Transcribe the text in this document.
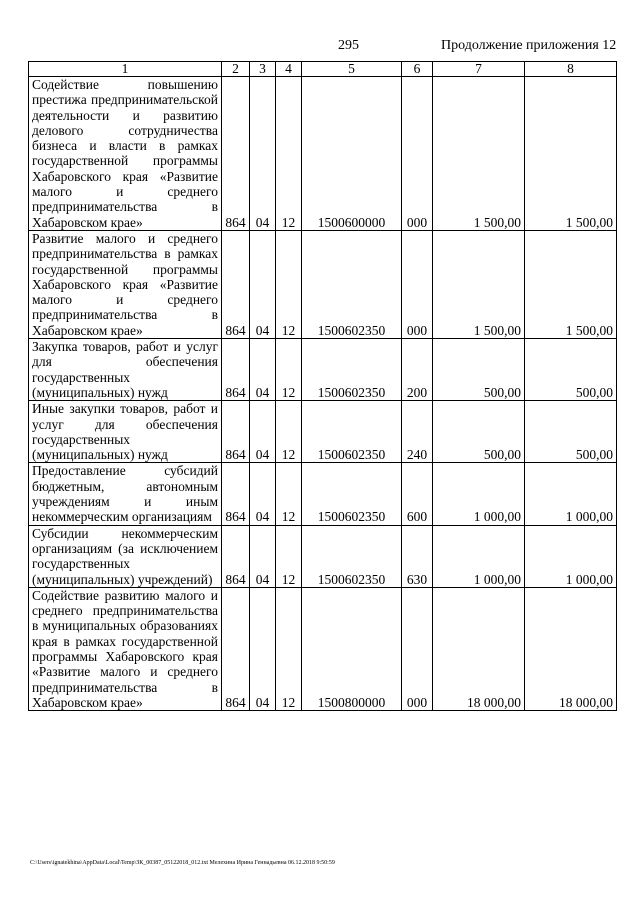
295	Продолжение приложения 12
1	2	3	4	5	6	7	8
Содействие повышению престижа предпринимательской деятельности и развитию делового сотрудничества бизнеса и власти в рамках государственной программы Хабаровского края «Развитие малого и среднего предпринимательства в Хабаровском крае»	864	04	12	1500600000	000	1 500,00	1 500,00
Развитие малого и среднего предпринимательства в рамках государственной программы Хабаровского края «Развитие малого и среднего предпринимательства в Хабаровском крае»	864	04	12	1500602350	000	1 500,00	1 500,00
Закупка товаров, работ и услуг для обеспечения государственных (муниципальных) нужд	864	04	12	1500602350	200	500,00	500,00
Иные закупки товаров, работ и услуг для обеспечения государственных (муниципальных) нужд	864	04	12	1500602350	240	500,00	500,00
Предоставление субсидий бюджетным, автономным учреждениям и иным некоммерческим организациям	864	04	12	1500602350	600	1 000,00	1 000,00
Субсидии некоммерческим организациям (за исключением государственных (муниципальных) учреждений)	864	04	12	1500602350	630	1 000,00	1 000,00
Содействие развитию малого и среднего предпринимательства в муниципальных образованиях края в рамках государственной программы Хабаровского края «Развитие малого и среднего предпринимательства в Хабаровском крае»	864	04	12	1500800000	000	18 000,00	18 000,00
C:\Users\ignatekhina\AppData\Local\Temp\ЗК_00387_05122018_012.txt Мелехина Ирина Геннадьевна 06.12.2018 9:50:59
